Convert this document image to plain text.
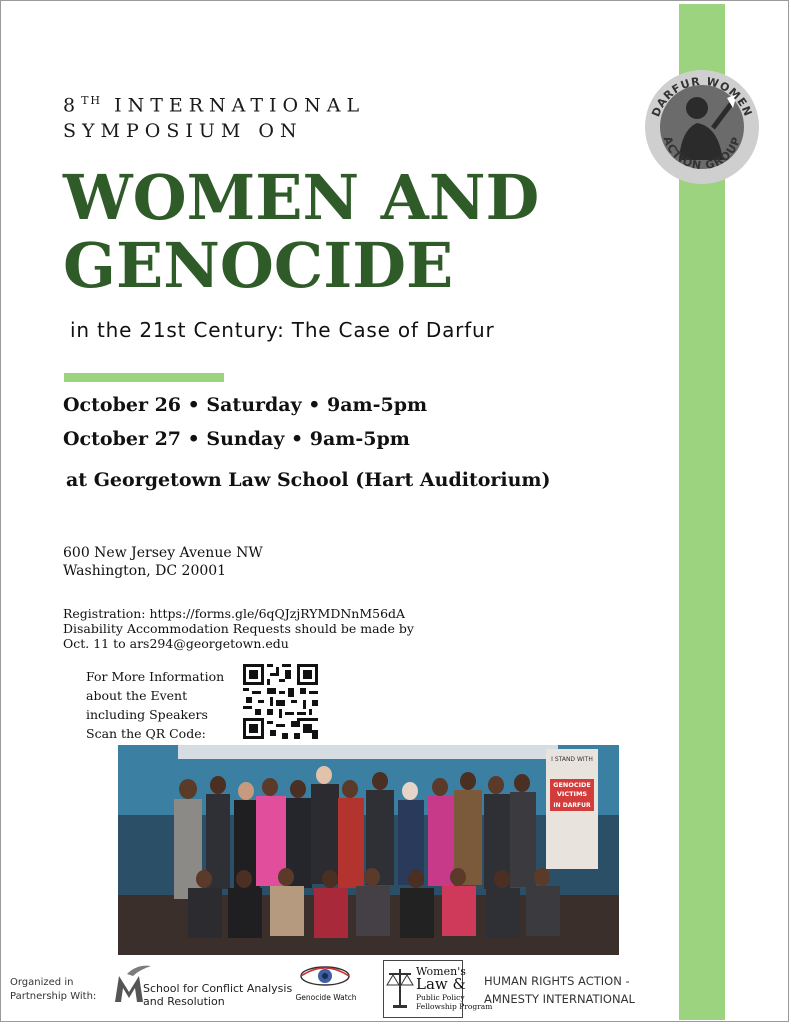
DARFUR WOMEN
ACTION GROUP
8TH INTERNATIONAL
SYMPOSIUM ON
WOMEN AND
GENOCIDE
in the 21st Century: The Case of Darfur
October 26 • Saturday • 9am-5pm
October 27 • Sunday • 9am-5pm
at Georgetown Law School (Hart Auditorium)
600 New Jersey Avenue NW
Washington, DC 20001
Registration: https://forms.gle/6qQJzjRYMDNnM56dA
Disability Accommodation Requests should be made by
Oct. 11 to ars294@georgetown.edu
For More Information
about the Event
including Speakers
Scan the QR Code:
I STAND WITH
GENOCIDE
VICTIMS
IN DARFUR
Organized in
Partnership With:
School for Conflict Analysis
and Resolution	Genocide Watch
Women's
Law &
Public Policy
Fellowship Program
HUMAN RIGHTS ACTION -
AMNESTY INTERNATIONAL
